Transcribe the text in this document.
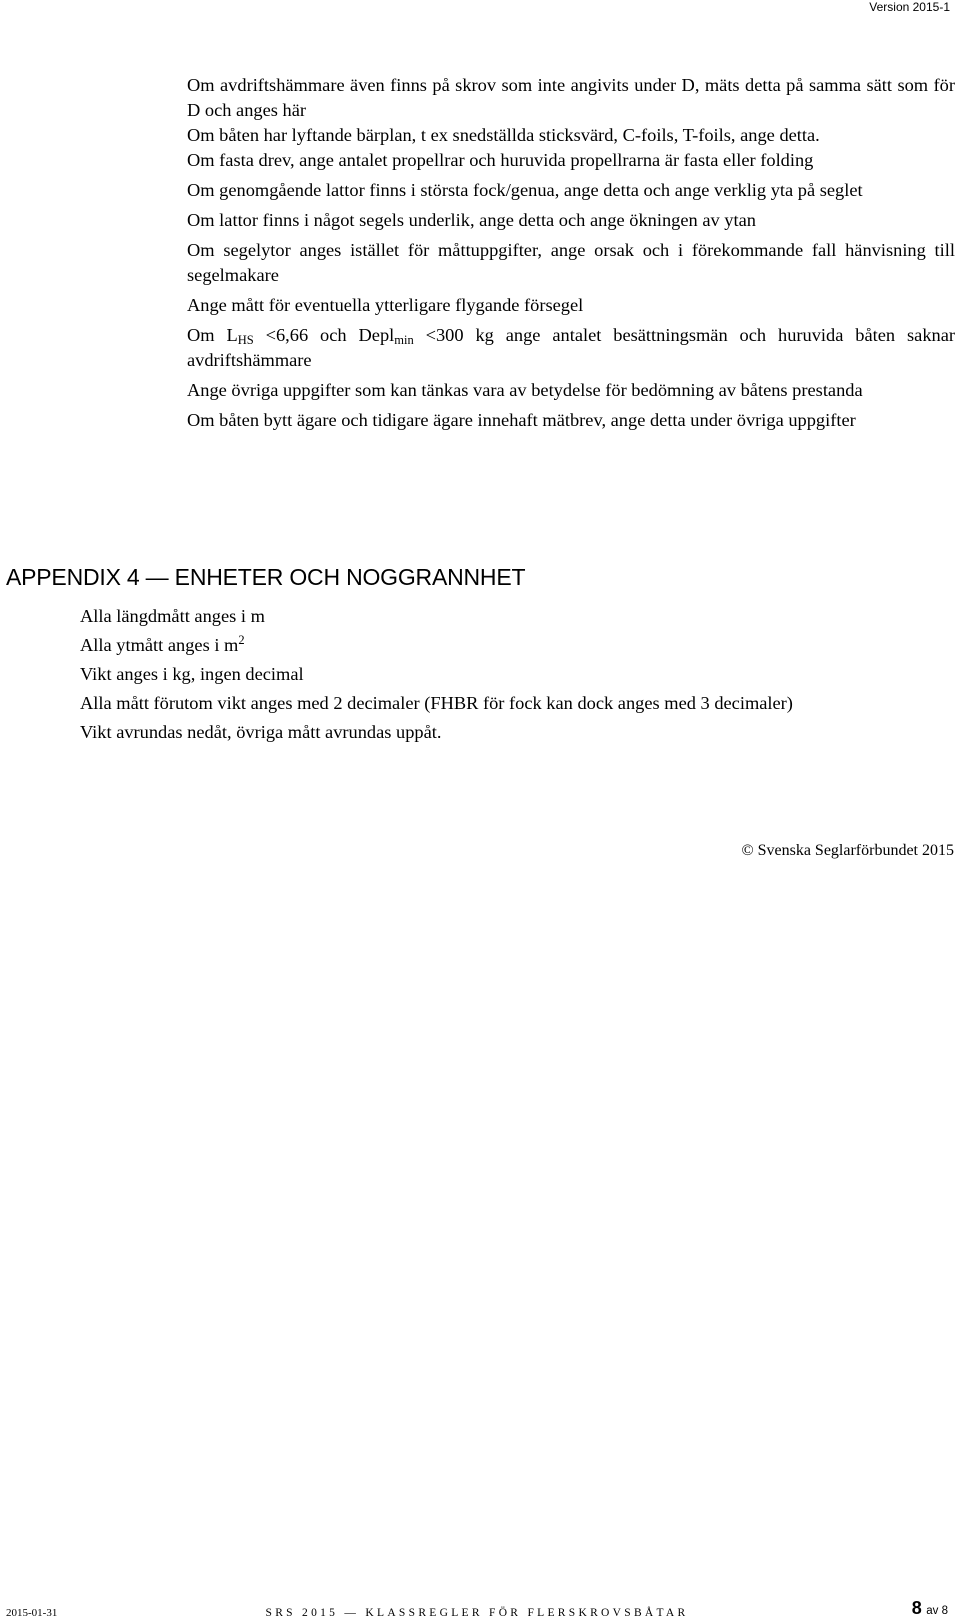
Version 2015-1

Om avdriftshämmare även finns på skrov som inte angivits under D, mäts detta på samma sätt som för D och anges här

Om båten har lyftande bärplan, t ex snedställda sticksvärd, C-foils, T-foils, ange detta.

Om fasta drev, ange antalet propellrar och huruvida propellrarna är fasta eller folding

Om genomgående lattor finns i största fock/genua, ange detta och ange verklig yta på seglet

Om lattor finns i något segels underlik, ange detta och ange ökningen av ytan

Om segelytor anges istället för måttuppgifter, ange orsak och i förekommande fall hänvisning till segelmakare

Ange mått för eventuella ytterligare flygande försegel

Om $L_{HS} <6,66$ och Depl$_{min}$ <300 kg ange antalet besättningsmän och huruvida båten saknar avdriftshämmare

Ange övriga uppgifter som kan tänkas vara av betydelse för bedömning av båtens prestanda

Om båten bytt ägare och tidigare ägare innehaft mätbrev, ange detta under övriga uppgifter

APPENDIX 4 — ENHETER OCH NOGGRANNHET
Alla längdmått anges i m
Alla ytmått anges i $m^2$
Vikt anges i kg, ingen decimal
Alla mått förutom vikt anges med 2 decimaler (FHBR för fock kan dock anges med 3 decimaler)
Vikt avrundas nedåt, övriga mått avrundas uppåt.
© Svenska Seglarförbundet 2015
2015-01-31	SRS 2015 — KLASSREGLER FÖR FLERSKROVSBÅTAR	8 av 8
